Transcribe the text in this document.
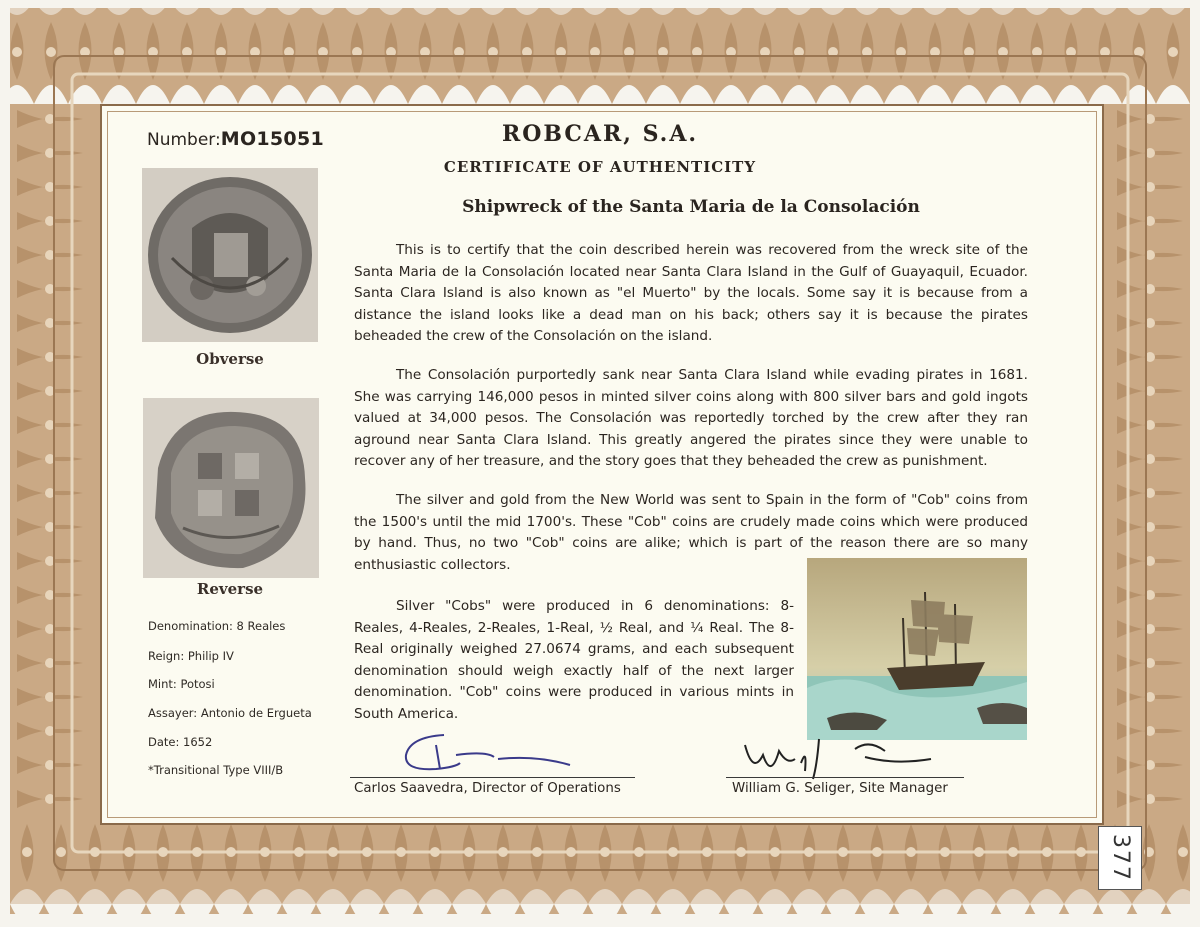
Number:MO15051	ROBCAR, S.A.
CERTIFICATE OF AUTHENTICITY
Shipwreck of the Santa Maria de la Consolación
Obverse
Reverse
Denomination: 8 Reales
Reign: Philip IV
Mint: Potosi
Assayer: Antonio de Ergueta
Date: 1652
*Transitional Type VIII/B

This is to certify that the coin described herein was recovered from the wreck site of the Santa Maria de la Consolación located near Santa Clara Island in the Gulf of Guayaquil, Ecuador. Santa Clara Island is also known as "el Muerto" by the locals. Some say it is because from a distance the island looks like a dead man on his back; others say it is because the pirates beheaded the crew of the Consolación on the island.

The Consolación purportedly sank near Santa Clara Island while evading pirates in 1681. She was carrying 146,000 pesos in minted silver coins along with 800 silver bars and gold ingots valued at 34,000 pesos. The Consolación was reportedly torched by the crew after they ran aground near Santa Clara Island. This greatly angered the pirates since they were unable to recover any of her treasure, and the story goes that they beheaded the crew as punishment.

The silver and gold from the New World was sent to Spain in the form of "Cob" coins from the 1500's until the mid 1700's. These "Cob" coins are crudely made coins which were produced by hand. Thus, no two "Cob" coins are alike; which is part of the reason there are so many enthusiastic collectors.

Silver "Cobs" were produced in 6 denominations: 8-Reales, 4-Reales, 2-Reales, 1-Real, ½ Real, and ¼ Real. The 8-Real originally weighed 27.0674 grams, and each subsequent denomination should weigh exactly half of the next larger denomination. "Cob" coins were produced in various mints in South America.

Carlos Saavedra, Director of Operations	William G. Seliger, Site Manager
377
